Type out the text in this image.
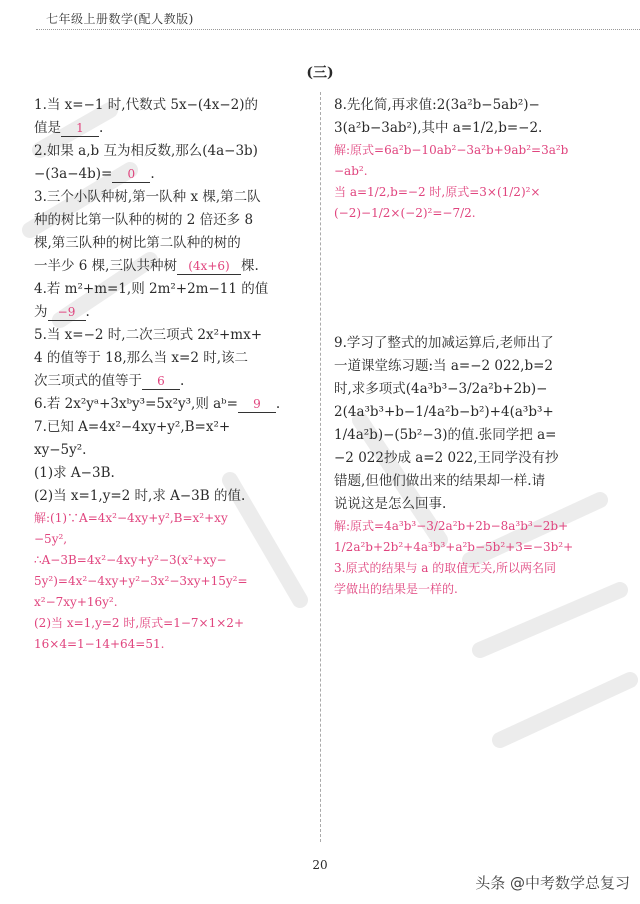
七年级上册数学(配人教版)
(三)
1.当 x=−1 时,代数式 5x−(4x−2)的
值是 1 .
2.如果 a,b 互为相反数,那么(4a−3b)
−(3a−4b)= 0 .
3.三个小队种树,第一队种 x 棵,第二队
种的树比第一队种的树的 2 倍还多 8
棵,第三队种的树比第二队种的树的
一半少 6 棵,三队共种树 (4x+6) 棵.
4.若 m²+m=1,则 2m²+2m−11 的值
为 −9 .
5.当 x=−2 时,二次三项式 2x²+mx+
4 的值等于 18,那么当 x=2 时,该二
次三项式的值等于 6 .
6.若 2x²yᵃ+3xᵇy³=5x²y³,则 aᵇ= 9 .
7.已知 A=4x²−4xy+y²,B=x²+
xy−5y².
(1)求 A−3B.
(2)当 x=1,y=2 时,求 A−3B 的值.
解:(1)∵A=4x²−4xy+y²,B=x²+xy
−5y²,
∴A−3B=4x²−4xy+y²−3(x²+xy−
5y²)=4x²−4xy+y²−3x²−3xy+15y²=
x²−7xy+16y².
(2)当 x=1,y=2 时,原式=1−7×1×2+
16×4=1−14+64=51.
8.先化简,再求值:2(3a²b−5ab²)−
3(a²b−3ab²),其中 a=1/2,b=−2.
解:原式=6a²b−10ab²−3a²b+9ab²=3a²b
−ab².
当 a=1/2,b=−2 时,原式=3×(1/2)²×
(−2)−1/2×(−2)²=−7/2.
9.学习了整式的加减运算后,老师出了
一道课堂练习题:当 a=−2 022,b=2
时,求多项式(4a³b³−3/2a²b+2b)−
2(4a³b³+b−1/4a²b−b²)+4(a³b³+
1/4a²b)−(5b²−3)的值.张同学把 a=
−2 022抄成 a=2 022,王同学没有抄
错题,但他们做出来的结果却一样.请
说说这是怎么回事.
解:原式=4a³b³−3/2a²b+2b−8a³b³−2b+
1/2a²b+2b²+4a³b³+a²b−5b²+3=−3b²+
3.原式的结果与 a 的取值无关,所以两名同
学做出的结果是一样的.
20
头条 @中考数学总复习
